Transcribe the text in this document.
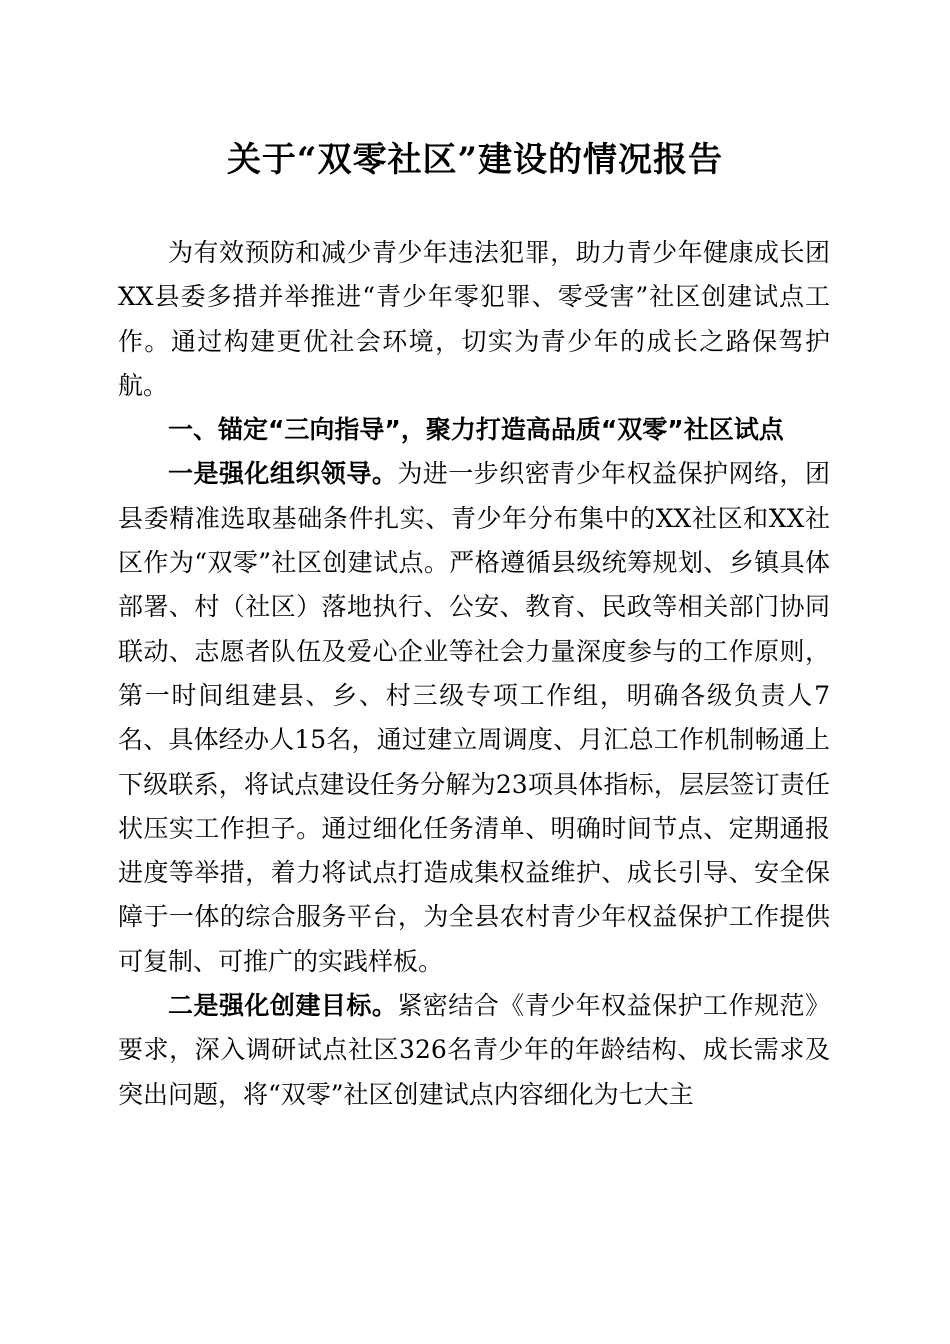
关于“双零社区”建设的情况报告

为有效预防和减少青少年违法犯罪，助力青少年健康成长团XX县委多措并举推进“青少年零犯罪、零受害”社区创建试点工作。通过构建更优社会环境，切实为青少年的成长之路保驾护航。

一、锚定“三向指导”，聚力打造高品质“双零”社区试点

一是强化组织领导。为进一步织密青少年权益保护网络，团县委精准选取基础条件扎实、青少年分布集中的XX社区和XX社区作为“双零”社区创建试点。严格遵循县级统筹规划、乡镇具体部署、村（社区）落地执行、公安、教育、民政等相关部门协同联动、志愿者队伍及爱心企业等社会力量深度参与的工作原则，第一时间组建县、乡、村三级专项工作组，明确各级负责人7名、具体经办人15名，通过建立周调度、月汇总工作机制畅通上下级联系，将试点建设任务分解为23项具体指标，层层签订责任状压实工作担子。通过细化任务清单、明确时间节点、定期通报进度等举措，着力将试点打造成集权益维护、成长引导、安全保障于一体的综合服务平台，为全县农村青少年权益保护工作提供可复制、可推广的实践样板。

二是强化创建目标。紧密结合《青少年权益保护工作规范》要求，深入调研试点社区326名青少年的年龄结构、成长需求及突出问题，将“双零”社区创建试点内容细化为七大主
